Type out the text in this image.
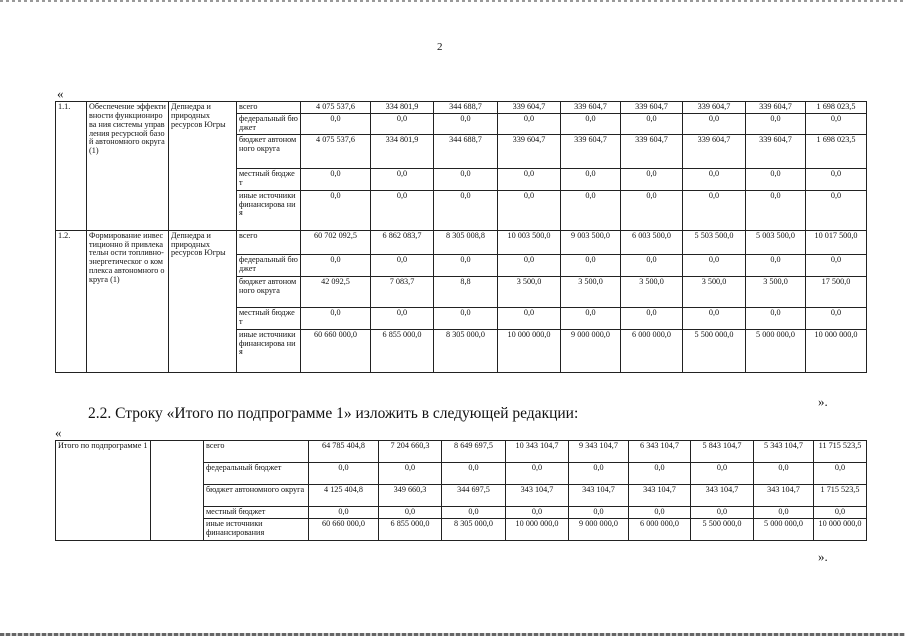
2
«
1.1.	Обеспечение эффективности функционирова ния системы управления ресурсной базой автономного округа (1)	Депнедра и природных ресурсов Югры	всего	4 075 537,6	334 801,9	344 688,7	339 604,7	339 604,7	339 604,7	339 604,7	339 604,7	1 698 023,5
			федеральный бюджет	0,0	0,0	0,0	0,0	0,0	0,0	0,0	0,0	0,0
			бюджет автономного округа	4 075 537,6	334 801,9	344 688,7	339 604,7	339 604,7	339 604,7	339 604,7	339 604,7	1 698 023,5
			местный бюджет	0,0	0,0	0,0	0,0	0,0	0,0	0,0	0,0	0,0
			иные источники финансирова ния	0,0	0,0	0,0	0,0	0,0	0,0	0,0	0,0	0,0
1.2.	Формирование инвестиционно й привлекательн ости топливно-энергетическог о комплекса автономного округа (1)	Депнедра и природных ресурсов Югры	всего	60 702 092,5	6 862 083,7	8 305 008,8	10 003 500,0	9 003 500,0	6 003 500,0	5 503 500,0	5 003 500,0	10 017 500,0
			федеральный бюджет	0,0	0,0	0,0	0,0	0,0	0,0	0,0	0,0	0,0
			бюджет автономного округа	42 092,5	7 083,7	8,8	3 500,0	3 500,0	3 500,0	3 500,0	3 500,0	17 500,0
			местный бюджет	0,0	0,0	0,0	0,0	0,0	0,0	0,0	0,0	0,0
			иные источники финансирова ния	60 660 000,0	6 855 000,0	8 305 000,0	10 000 000,0	9 000 000,0	6 000 000,0	5 500 000,0	5 000 000,0	10 000 000,0
».
2.2. Строку «Итого по подпрограмме 1» изложить в следующей редакции:
«
Итого по подпрограмме 1		всего	64 785 404,8	7 204 660,3	8 649 697,5	10 343 104,7	9 343 104,7	6 343 104,7	5 843 104,7	5 343 104,7	11 715 523,5
		федеральный бюджет	0,0	0,0	0,0	0,0	0,0	0,0	0,0	0,0	0,0
		бюджет автономного округа	4 125 404,8	349 660,3	344 697,5	343 104,7	343 104,7	343 104,7	343 104,7	343 104,7	1 715 523,5
		местный бюджет	0,0	0,0	0,0	0,0	0,0	0,0	0,0	0,0	0,0
		иные источники финансирования	60 660 000,0	6 855 000,0	8 305 000,0	10 000 000,0	9 000 000,0	6 000 000,0	5 500 000,0	5 000 000,0	10 000 000,0
».
